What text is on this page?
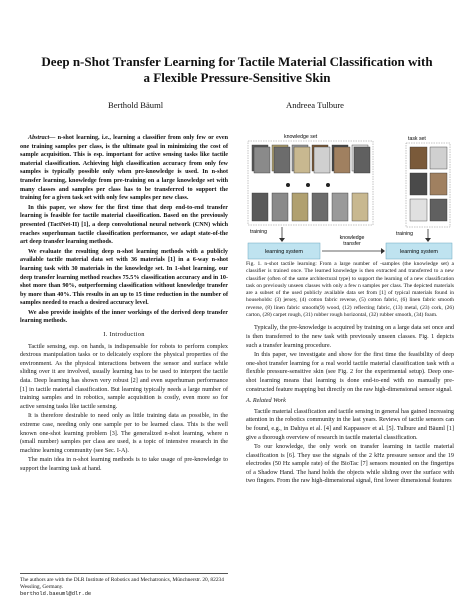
Deep n-Shot Transfer Learning for Tactile Material Classification with
a Flexible Pressure-Sensitive Skin
Berthold Bäuml	Andreea Tulbure

Abstract— n-shot learning, i.e., learning a classifier from only few or even one training samples per class, is the ultimate goal in minimizing the cost of sample acquisition. This is esp. important for active sensing tasks like tactile material classification. Achieving high classification accuracy from only few samples is typically possible only when pre-knowledge is used. In n-shot transfer learning, knowledge from pre-training on a large knowledge set with many classes and samples per class has to be transferred to support the training for a given task set with only few samples per new class.

In this paper, we show for the first time that deep end-to-end transfer learning is feasible for tactile material classification. Based on the previously presented (TactNet-II) [1], a deep convolutional neural network (CNN) which reaches superhuman tactile classification performance, we adapt state-of-the art deep transfer learning methods.

We evaluate the resulting deep n-shot learning methods with a publicly available tactile material data set with 36 materials [1] in a 6-way n-shot learning task with 30 materials in the knowledge set. In 1-shot learning, our deep transfer learning method reaches 75.5% classification accuracy and in 10-shot more than 90%, outperforming classification without knowledge transfer by more than 40%. This results in an up to 15 time reduction in the number of samples needed to reach a desired accuracy level.

We also provide insights of the inner workings of the derived deep transfer learning methods.

I. Introduction

Tactile sensing, esp. on hands, is indispensable for robots to perform complex dextrous manipulation tasks or to delicately explore the physical properties of the environment. As the physical interactions between the sensor and surface while sliding over it are involved, usually learning has to be used to interpret the tactile data. Deep learning has shown very robust [2] and even superhuman performance [1] in tactile material classification. But learning typically needs a large number of training samples and in robotics, sample acquisition is costly, even more so for active sensing tasks like tactile sensing.

It is therefore desirable to need only as little training data as possible, in the extreme case, needing only one sample per to be learned class. This is the well known one-shot learning problem [3]. The generalized n-shot learning, where n (small number) samples per class are used, is a topic of intensive research in the machine learning community (see Sec. I-A).

The main idea in n-shot learning methods is to take usage of pre-knowledge to support the learning task at hand.

The authors are with the DLR Institute of Robotics and Mechatronics, Münchnerstr. 20, 82234 Wessling, Germany.
berthold.baeuml@dlr.de
knowledge set	task set
training	training
learning system	learning system
knowledge
transfer
Fig. 1. n-shot tactile learning: From a large number of -samples (the knowledge set) a classifier is trained once. The learned knowledge is then extracted and transferred to a new classifier (often of the same architectural type) to support the learning of a new classification task on previously unseen classes with only a few n samples per class. The depicted materials are a subset of the used publicly available data set from [1] of typical materials found in households: (3) jersey, (4) cotton fabric reverse, (5) cotton fabric, (6) linen fabric smooth reverse, (8) linen fabric smooth(9) wood, (12) reflecting fabric, (13) metal, (23) cork, (26) carton, (28) carpet rough, (31) rubber rough horizontal, (32) rubber smooth, (34) foam.

Typically, the pre-knowledge is acquired by training on a large data set once and is then transferred to the new task with previously unseen classes. Fig. 1 depicts such a transfer learning procedure.

In this paper, we investigate and show for the first time the feasibility of deep one-shot transfer learning for a real world tactile material classification task with a flexible pressure-sensitive skin (see Fig. 2 for the experimental setup). Deep one-shot learning means that learning is done end-to-end with no manually pre-constructed feature mapping but directly on the raw high-dimensional sensor signal.

A. Related Work

Tactile material classification and tactile sensing in general has gained increasing attention in the robotics community in the last years. Reviews of tactile sensors can be found, e.g., in Dahiya et al. [4] and Kappassov et al. [5]. Tulbure and Bäuml [1] give a thorough overview of research in tactile material classification.

To our knowledge, the only work on transfer learning in tactile material classification is [6]. They use the signals of the 2 kHz pressure sensor and the 19 electrodes (50 Hz sample rate) of the BioTac [7] sensors mounted on the fingertips of a Shadow Hand. The hand holds the objects while sliding over the surface with two fingers. From the raw high-dimensional signal, first lower dimensional features
